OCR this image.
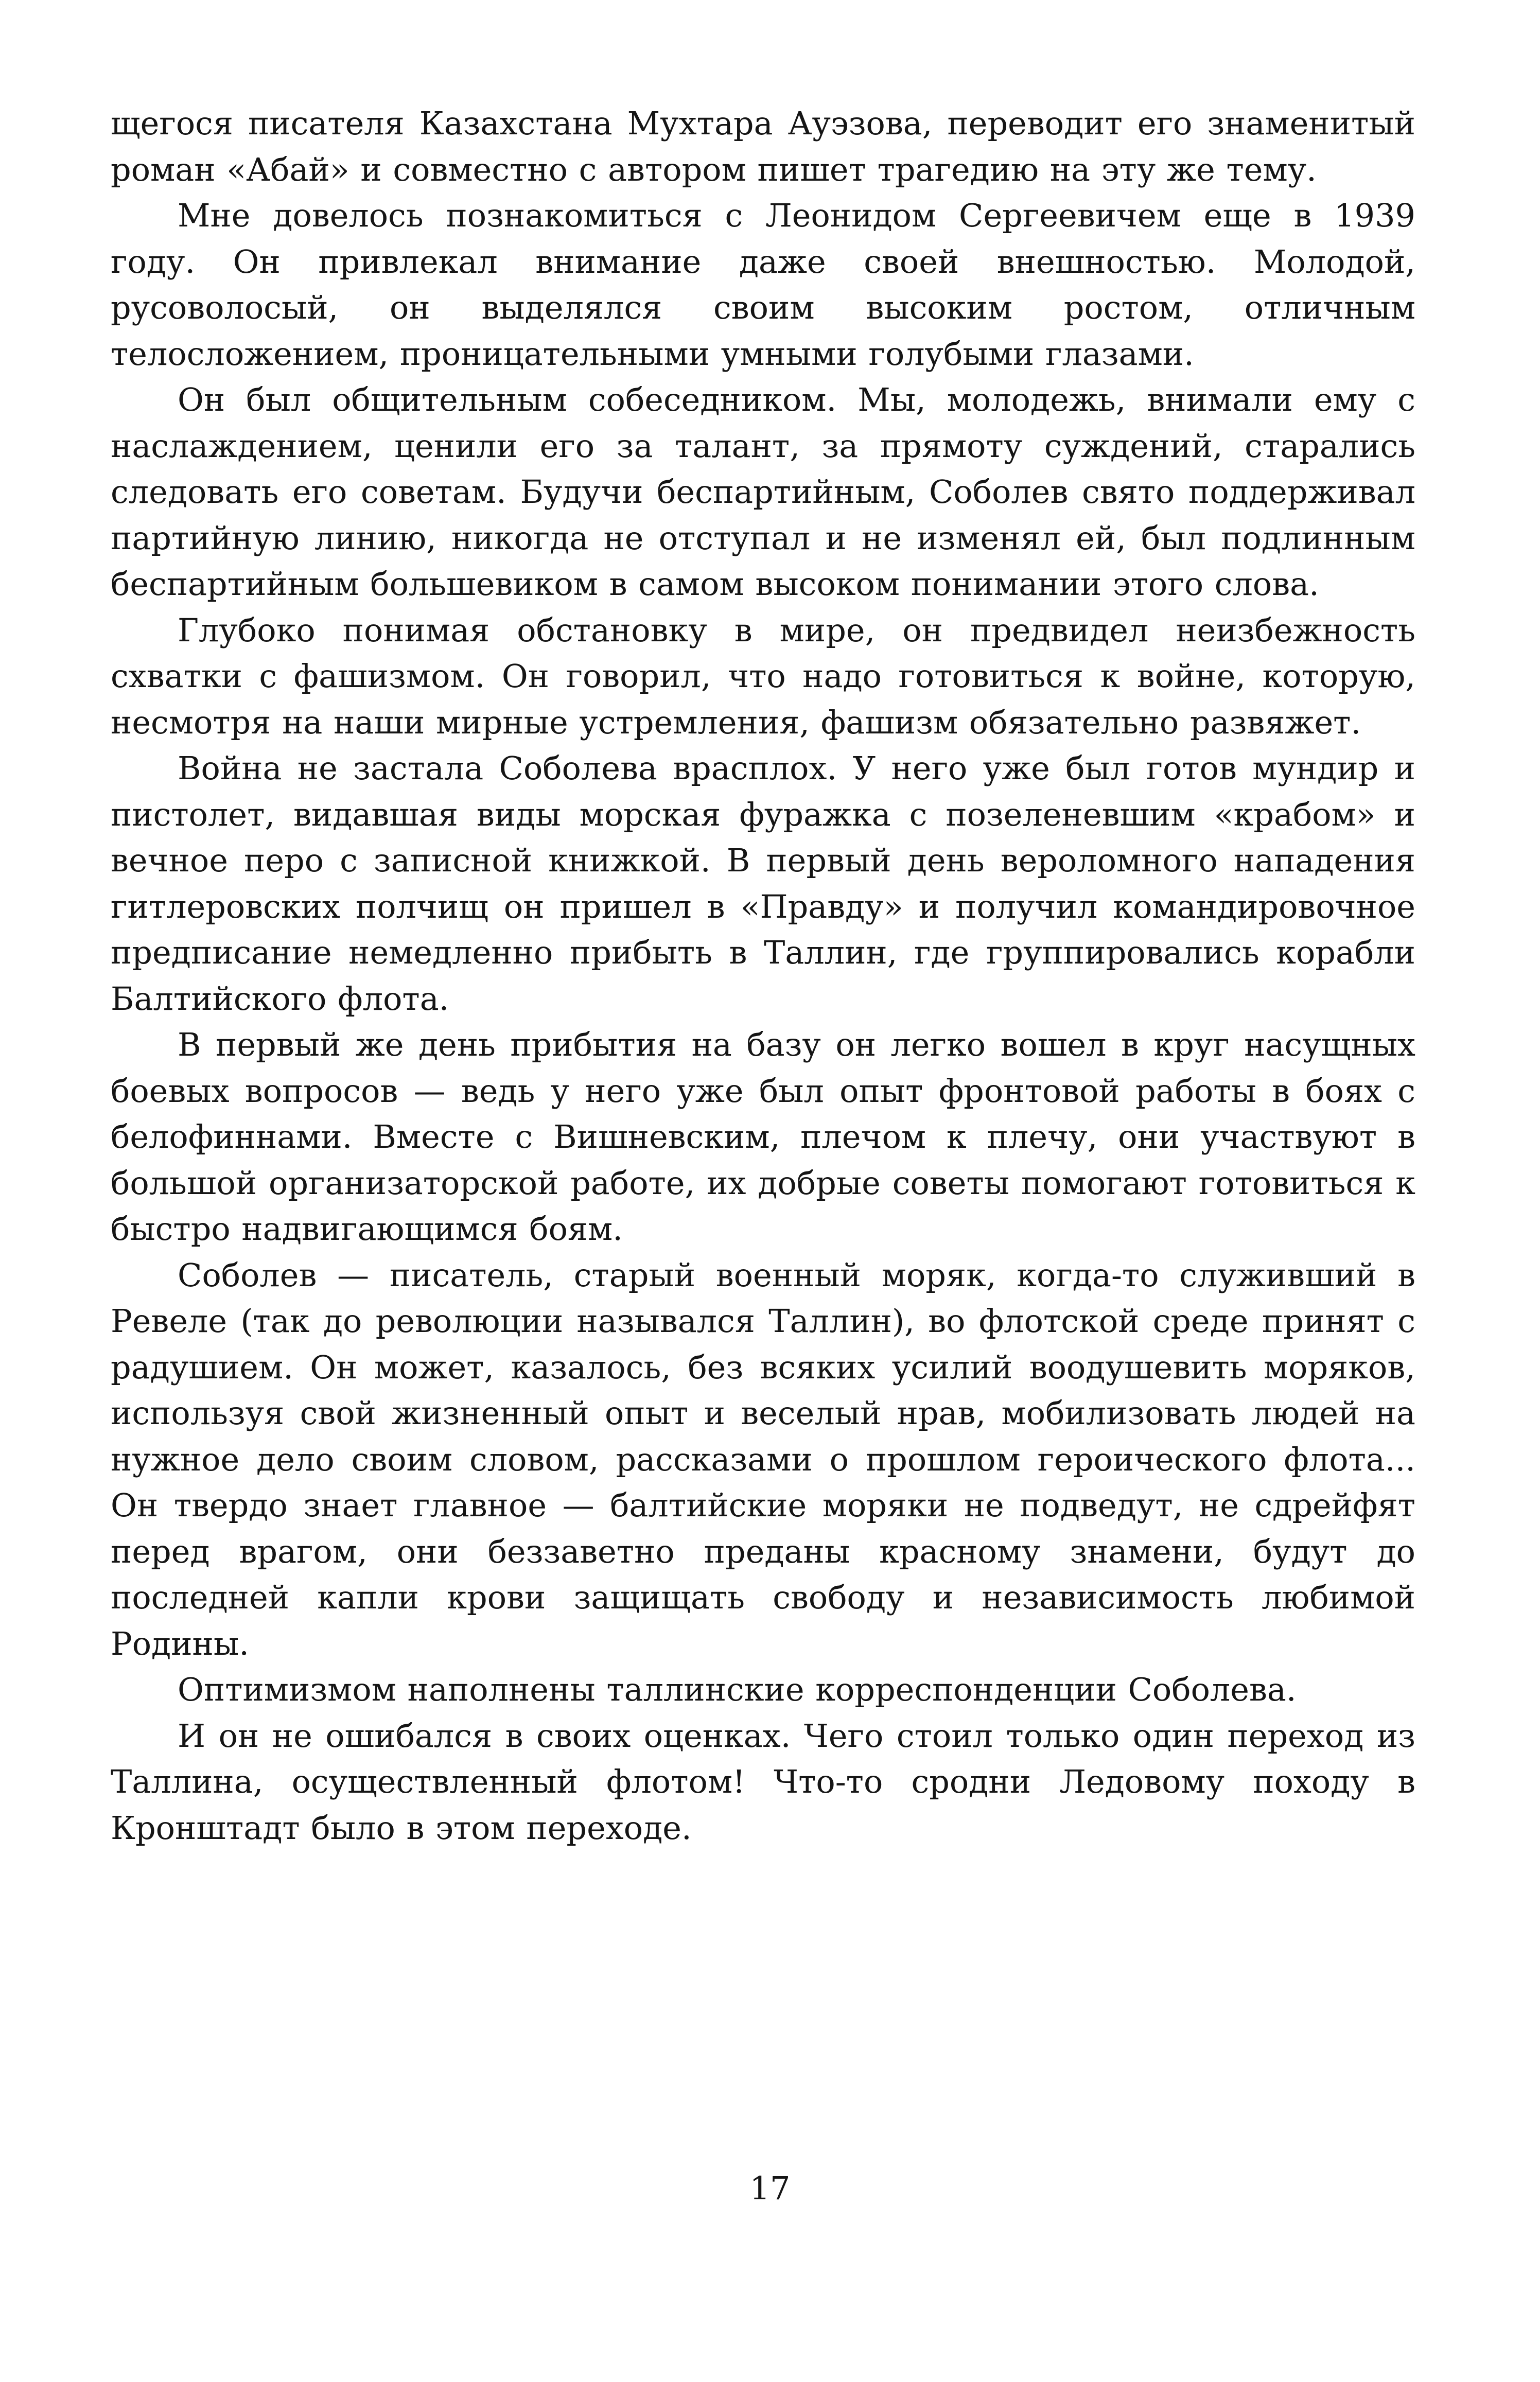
щегося писателя Казахстана Мухтара Ауэзова, переводит его знаменитый роман «Абай» и совместно с автором пишет трагедию на эту же тему.

Мне довелось познакомиться с Леонидом Сергеевичем еще в 1939 году. Он привлекал внимание даже своей внешностью. Молодой, русоволосый, он выделялся своим высоким ростом, отличным телосложением, проницательными умными голубыми глазами.

Он был общительным собеседником. Мы, молодежь, внимали ему с наслаждением, ценили его за талант, за прямоту суждений, старались следовать его советам. Будучи беспартийным, Соболев свято поддерживал партийную линию, никогда не отступал и не изменял ей, был подлинным беспартийным большевиком в самом высоком понимании этого слова.

Глубоко понимая обстановку в мире, он предвидел неизбежность схватки с фашизмом. Он говорил, что надо готовиться к войне, которую, несмотря на наши мирные устремления, фашизм обязательно развяжет.

Война не застала Соболева врасплох. У него уже был готов мундир и пистолет, видавшая виды морская фуражка с позеленевшим «крабом» и вечное перо с записной книжкой. В первый день вероломного нападения гитлеровских полчищ он пришел в «Правду» и получил командировочное предписание немедленно прибыть в Таллин, где группировались корабли Балтийского флота.

В первый же день прибытия на базу он легко вошел в круг насущных боевых вопросов — ведь у него уже был опыт фронтовой работы в боях с белофиннами. Вместе с Вишневским, плечом к плечу, они участвуют в большой организаторской работе, их добрые советы помогают готовиться к быстро надвигающимся боям.

Соболев — писатель, старый военный моряк, когда-то служивший в Ревеле (так до революции назывался Таллин), во флотской среде принят с радушием. Он может, казалось, без всяких усилий воодушевить моряков, используя свой жизненный опыт и веселый нрав, мобилизовать людей на нужное дело своим словом, рассказами о прошлом героического флота... Он твердо знает главное — балтийские моряки не подведут, не сдрейфят перед врагом, они беззаветно преданы красному знамени, будут до последней капли крови защищать свободу и независимость любимой Родины.

Оптимизмом наполнены таллинские корреспонденции Соболева.

И он не ошибался в своих оценках. Чего стоил только один переход из Таллина, осуществленный флотом! Что-то сродни Ледовому походу в Кронштадт было в этом переходе.

17
